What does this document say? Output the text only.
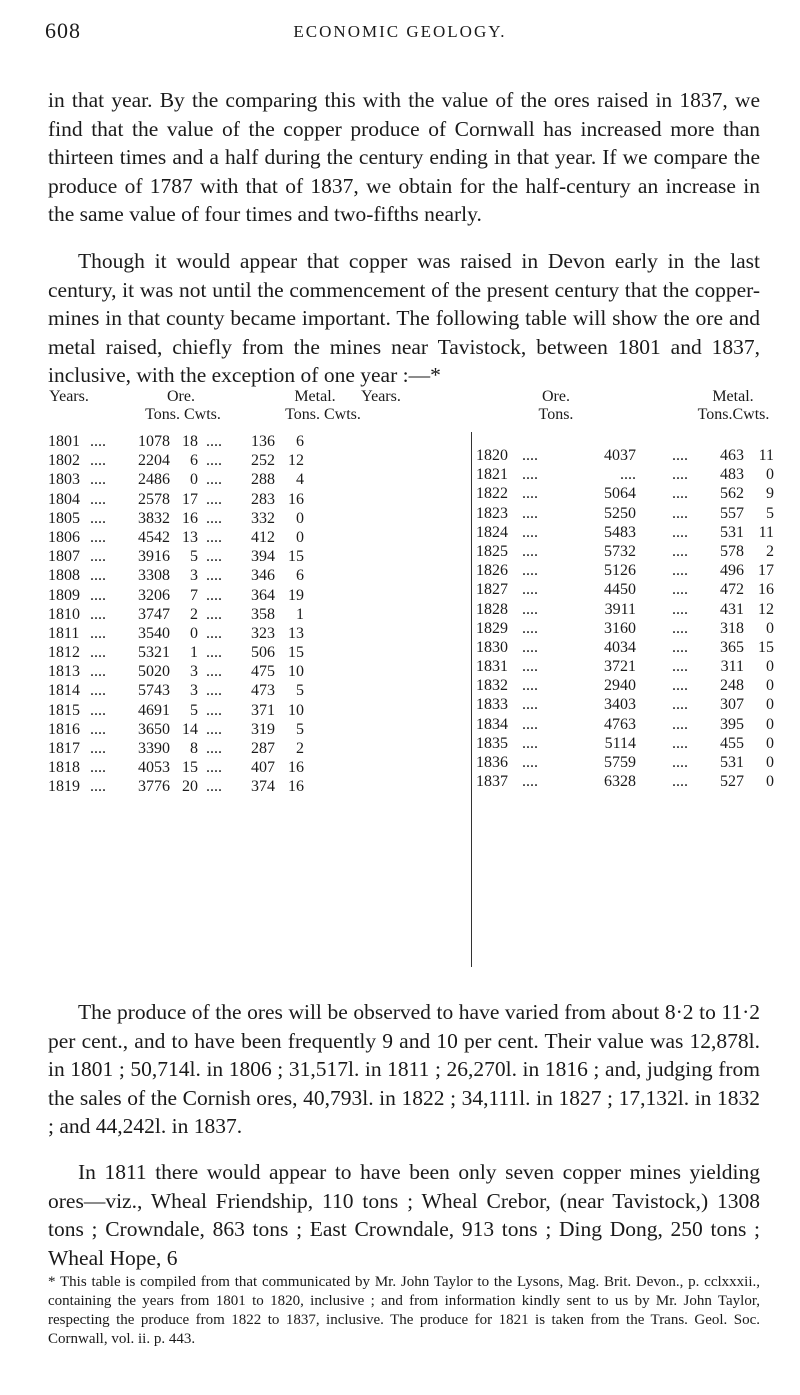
608	ECONOMIC GEOLOGY.

in that year. By the comparing this with the value of the ores raised in 1837, we find that the value of the copper produce of Cornwall has increased more than thirteen times and a half during the century ending in that year. If we compare the produce of 1787 with that of 1837, we obtain for the half-century an increase in the same value of four times and two-fifths nearly.

Though it would appear that copper was raised in Devon early in the last century, it was not until the commencement of the present century that the copper-mines in that county became important. The following table will show the ore and metal raised, chiefly from the mines near Tavistock, between 1801 and 1837, inclusive, with the exception of one year :—*

Years.	Ore.
Tons. Cwts.
Metal.
Tons. Cwts.
Years.	Ore.
Tons.
Metal.
Tons.Cwts.
1801 ....	1078 18 ....	136	6
1802 ....	2204	6 ....	252 12
1803 ....	2486	0 ....	288	4
1804 ....	2578 17 ....	283 16
1805 ....	3832 16 ....	332	0
1806 ....	4542 13 ....	412	0
1807 ....	3916	5 ....	394 15
1808 ....	3308	3 ....	346	6
1809 ....	3206	7 ....	364 19
1810 ....	3747	2 ....	358	1
1811 ....	3540	0 ....	323 13
1812 ....	5321	1 ....	506 15
1813 ....	5020	3 ....	475 10
1814 ....	5743	3 ....	473	5
1815 ....	4691	5 ....	371 10
1816 ....	3650 14 ....	319	5
1817 ....	3390	8 ....	287	2
1818 ....	4053 15 ....	407 16
1819 ....	3776 20 ....	374 16
1820 ....	4037 ....	463 11
1821 ....	.... ....	483	0
1822 ....	5064 ....	562	9
1823 ....	5250 ....	557	5
1824 ....	5483 ....	531 11
1825 ....	5732 ....	578	2
1826 ....	5126 ....	496 17
1827 ....	4450 ....	472 16
1828 ....	3911 ....	431 12
1829 ....	3160 ....	318	0
1830 ....	4034 ....	365 15
1831 ....	3721 ....	311	0
1832 ....	2940 ....	248	0
1833 ....	3403 ....	307	0
1834 ....	4763 ....	395	0
1835 ....	5114 ....	455	0
1836 ....	5759 ....	531	0
1837 ....	6328 ....	527	0

The produce of the ores will be observed to have varied from about 8·2 to 11·2 per cent., and to have been frequently 9 and 10 per cent. Their value was 12,878l. in 1801 ; 50,714l. in 1806 ; 31,517l. in 1811 ; 26,270l. in 1816 ; and, judging from the sales of the Cornish ores, 40,793l. in 1822 ; 34,111l. in 1827 ; 17,132l. in 1832 ; and 44,242l. in 1837.

In 1811 there would appear to have been only seven copper mines yielding ores—viz., Wheal Friendship, 110 tons ; Wheal Crebor, (near Tavistock,) 1308 tons ; Crowndale, 863 tons ; East Crowndale, 913 tons ; Ding Dong, 250 tons ; Wheal Hope, 6

* This table is compiled from that communicated by Mr. John Taylor to the Lysons, Mag. Brit. Devon., p. cclxxxii., containing the years from 1801 to 1820, inclusive ; and from information kindly sent to us by Mr. John Taylor, respecting the produce from 1822 to 1837, inclusive. The produce for 1821 is taken from the Trans. Geol. Soc. Cornwall, vol. ii. p. 443.
